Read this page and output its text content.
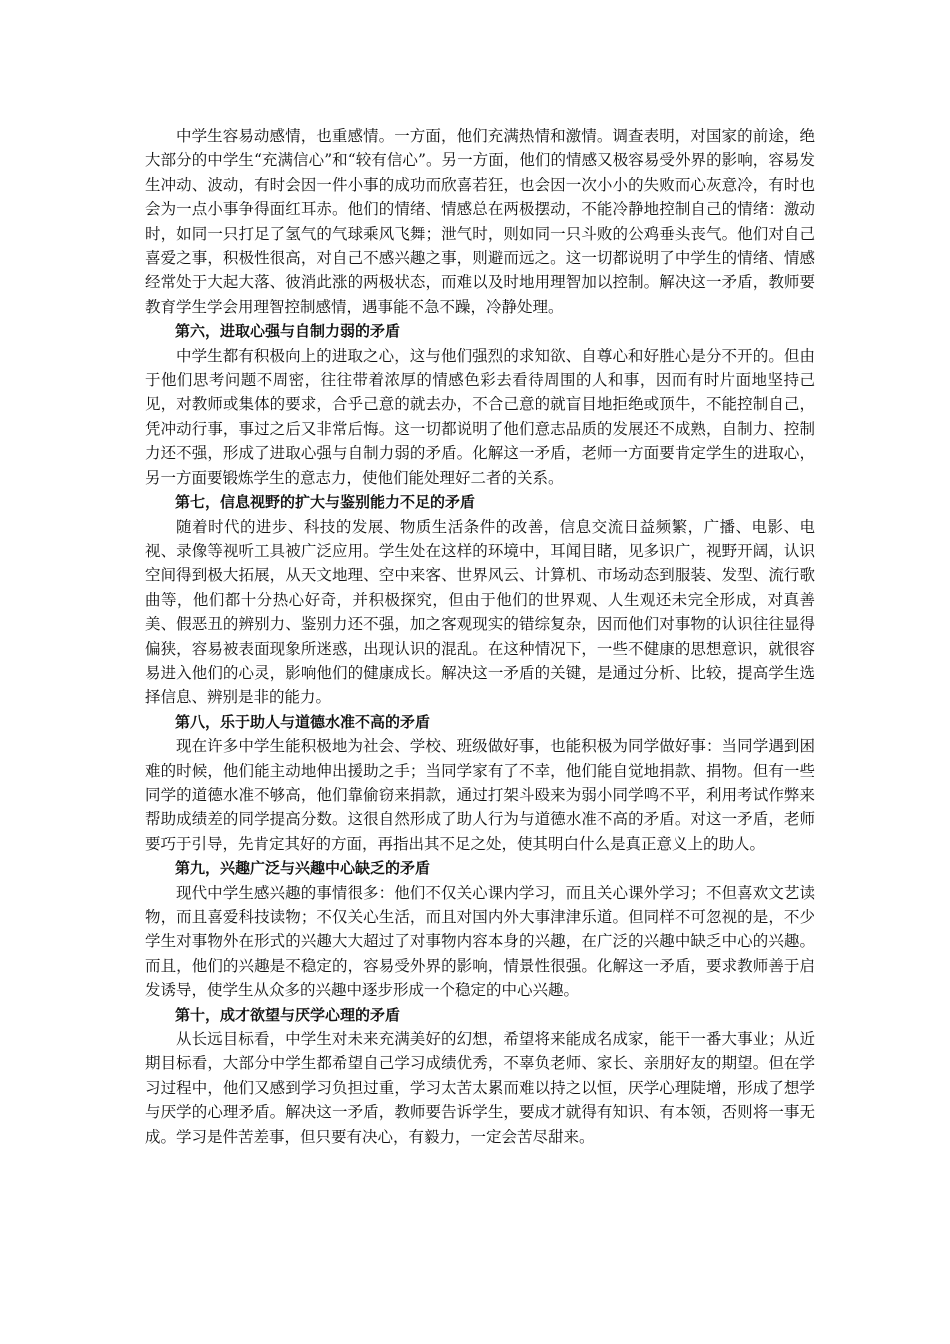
中学生容易动感情，也重感情。一方面，他们充满热情和激情。调查表明，对国家的前途，绝大部分的中学生“充满信心”和“较有信心”。另一方面，他们的情感又极容易受外界的影响，容易发生冲动、波动，有时会因一件小事的成功而欣喜若狂，也会因一次小小的失败而心灰意冷，有时也会为一点小事争得面红耳赤。他们的情绪、情感总在两极摆动，不能冷静地控制自己的情绪：激动时，如同一只打足了氢气的气球乘风飞舞；泄气时，则如同一只斗败的公鸡垂头丧气。他们对自己喜爱之事，积极性很高，对自己不感兴趣之事，则避而远之。这一切都说明了中学生的情绪、情感经常处于大起大落、彼消此涨的两极状态，而难以及时地用理智加以控制。解决这一矛盾，教师要教育学生学会用理智控制感情，遇事能不急不躁，冷静处理。

第六，进取心强与自制力弱的矛盾

中学生都有积极向上的进取之心，这与他们强烈的求知欲、自尊心和好胜心是分不开的。但由于他们思考问题不周密，往往带着浓厚的情感色彩去看待周围的人和事，因而有时片面地坚持己见，对教师或集体的要求，合乎己意的就去办，不合己意的就盲目地拒绝或顶牛，不能控制自己，凭冲动行事，事过之后又非常后悔。这一切都说明了他们意志品质的发展还不成熟，自制力、控制力还不强，形成了进取心强与自制力弱的矛盾。化解这一矛盾，老师一方面要肯定学生的进取心，另一方面要锻炼学生的意志力，使他们能处理好二者的关系。

第七，信息视野的扩大与鉴别能力不足的矛盾

随着时代的进步、科技的发展、物质生活条件的改善，信息交流日益频繁，广播、电影、电视、录像等视听工具被广泛应用。学生处在这样的环境中，耳闻目睹，见多识广，视野开阔，认识空间得到极大拓展，从天文地理、空中来客、世界风云、计算机、市场动态到服装、发型、流行歌曲等，他们都十分热心好奇，并积极探究，但由于他们的世界观、人生观还未完全形成，对真善美、假恶丑的辨别力、鉴别力还不强，加之客观现实的错综复杂，因而他们对事物的认识往往显得偏狭，容易被表面现象所迷惑，出现认识的混乱。在这种情况下，一些不健康的思想意识，就很容易进入他们的心灵，影响他们的健康成长。解决这一矛盾的关键，是通过分析、比较，提高学生选择信息、辨别是非的能力。

第八，乐于助人与道德水准不高的矛盾

现在许多中学生能积极地为社会、学校、班级做好事，也能积极为同学做好事：当同学遇到困难的时候，他们能主动地伸出援助之手；当同学家有了不幸，他们能自觉地捐款、捐物。但有一些同学的道德水准不够高，他们靠偷窃来捐款，通过打架斗殴来为弱小同学鸣不平，利用考试作弊来帮助成绩差的同学提高分数。这很自然形成了助人行为与道德水准不高的矛盾。对这一矛盾，老师要巧于引导，先肯定其好的方面，再指出其不足之处，使其明白什么是真正意义上的助人。

第九，兴趣广泛与兴趣中心缺乏的矛盾

现代中学生感兴趣的事情很多：他们不仅关心课内学习，而且关心课外学习；不但喜欢文艺读物，而且喜爱科技读物；不仅关心生活，而且对国内外大事津津乐道。但同样不可忽视的是，不少学生对事物外在形式的兴趣大大超过了对事物内容本身的兴趣，在广泛的兴趣中缺乏中心的兴趣。而且，他们的兴趣是不稳定的，容易受外界的影响，情景性很强。化解这一矛盾，要求教师善于启发诱导，使学生从众多的兴趣中逐步形成一个稳定的中心兴趣。

第十，成才欲望与厌学心理的矛盾

从长远目标看，中学生对未来充满美好的幻想，希望将来能成名成家，能干一番大事业；从近期目标看，大部分中学生都希望自己学习成绩优秀，不辜负老师、家长、亲朋好友的期望。但在学习过程中，他们又感到学习负担过重，学习太苦太累而难以持之以恒，厌学心理陡增，形成了想学与厌学的心理矛盾。解决这一矛盾，教师要告诉学生，要成才就得有知识、有本领，否则将一事无成。学习是件苦差事，但只要有决心，有毅力，一定会苦尽甜来。
